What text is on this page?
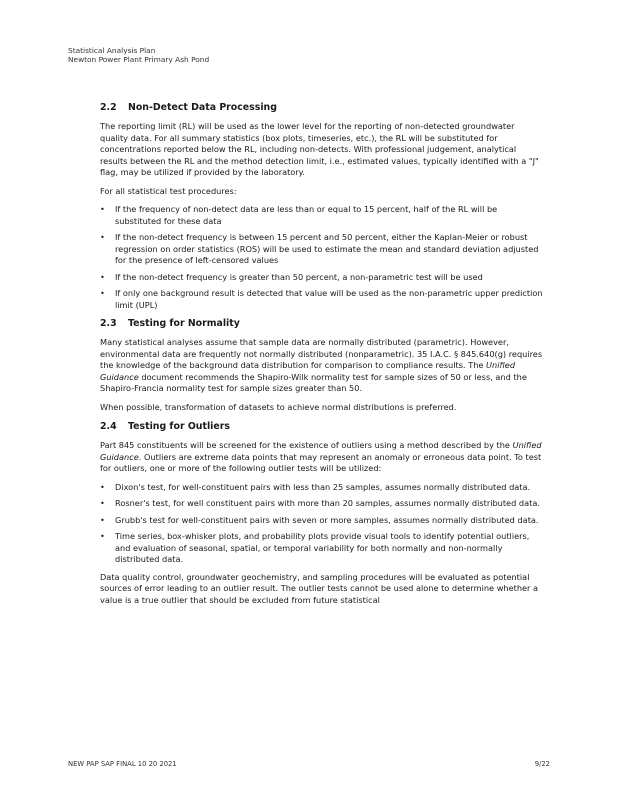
Statistical Analysis Plan
Newton Power Plant Primary Ash Pond
2.2	Non-Detect Data Processing

The reporting limit (RL) will be used as the lower level for the reporting of non-detected groundwater quality data. For all summary statistics (box plots, timeseries, etc.), the RL will be substituted for concentrations reported below the RL, including non-detects. With professional judgement, analytical results between the RL and the method detection limit, i.e., estimated values, typically identified with a "J" flag, may be utilized if provided by the laboratory.

For all statistical test procedures:

• If the frequency of non-detect data are less than or equal to 15 percent, half of the RL will be substituted for these data
• If the non-detect frequency is between 15 percent and 50 percent, either the Kaplan-Meier or robust regression on order statistics (ROS) will be used to estimate the mean and standard deviation adjusted for the presence of left-censored values
• If the non-detect frequency is greater than 50 percent, a non-parametric test will be used
• If only one background result is detected that value will be used as the non-parametric upper prediction limit (UPL)
2.3	Testing for Normality

Many statistical analyses assume that sample data are normally distributed (parametric). However, environmental data are frequently not normally distributed (nonparametric). 35 I.A.C. § 845.640(g) requires the knowledge of the background data distribution for comparison to compliance results. The Unified Guidance document recommends the Shapiro-Wilk normality test for sample sizes of 50 or less, and the Shapiro-Francia normality test for sample sizes greater than 50.

When possible, transformation of datasets to achieve normal distributions is preferred.

2.4	Testing for Outliers

Part 845 constituents will be screened for the existence of outliers using a method described by the Unified Guidance. Outliers are extreme data points that may represent an anomaly or erroneous data point. To test for outliers, one or more of the following outlier tests will be utilized:

• Dixon's test, for well-constituent pairs with less than 25 samples, assumes normally distributed data.
• Rosner's test, for well constituent pairs with more than 20 samples, assumes normally distributed data.
• Grubb's test for well-constituent pairs with seven or more samples, assumes normally distributed data.
• Time series, box-whisker plots, and probability plots provide visual tools to identify potential outliers, and evaluation of seasonal, spatial, or temporal variability for both normally and non-normally distributed data.

Data quality control, groundwater geochemistry, and sampling procedures will be evaluated as potential sources of error leading to an outlier result. The outlier tests cannot be used alone to determine whether a value is a true outlier that should be excluded from future statistical

NEW PAP SAP FINAL 10 20 2021	9/22
